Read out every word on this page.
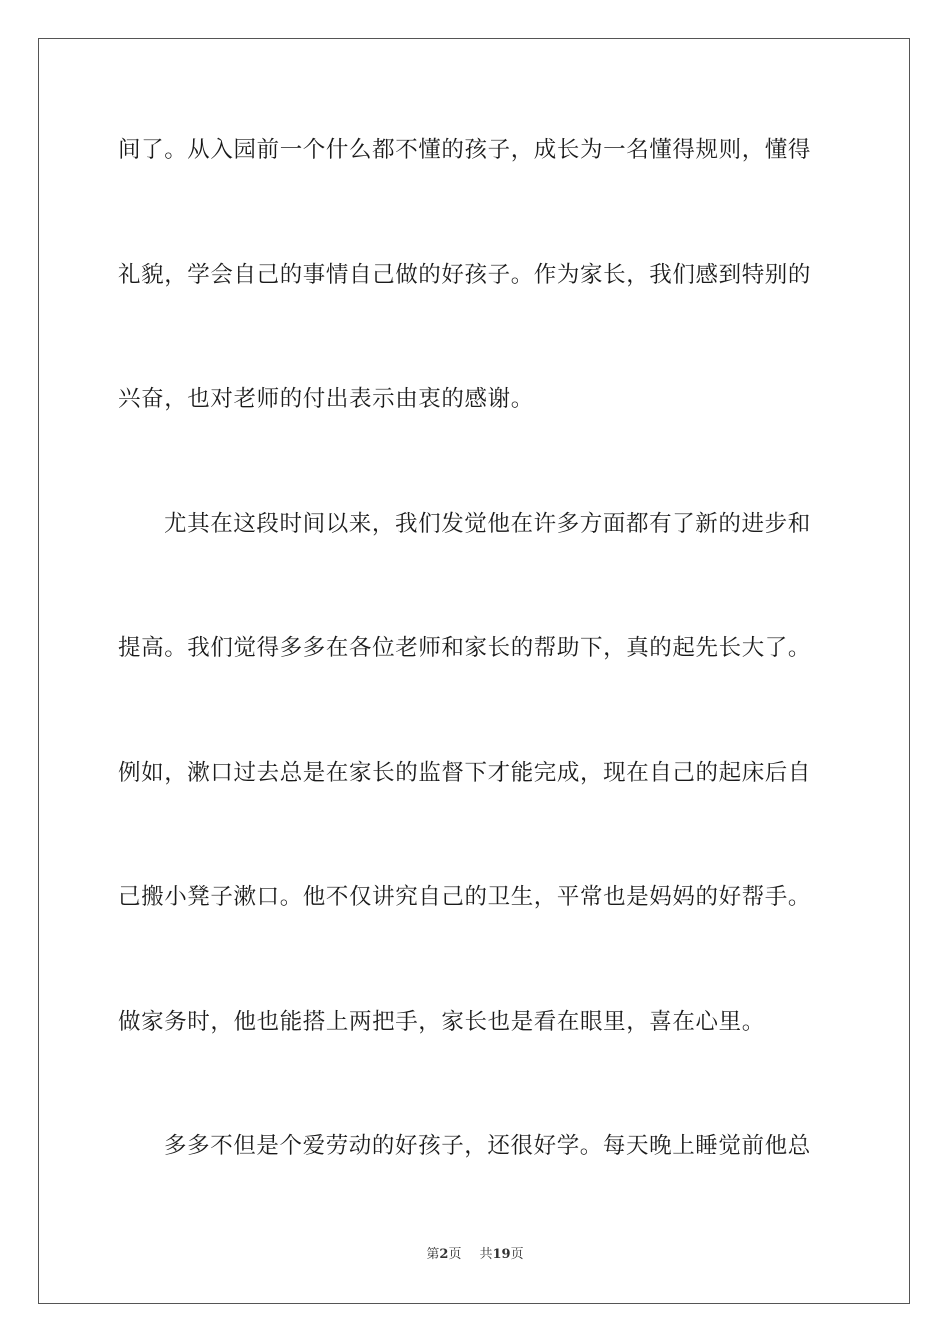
间了。从入园前一个什么都不懂的孩子，成长为一名懂得规则，懂得
礼貌，学会自己的事情自己做的好孩子。作为家长，我们感到特别的
兴奋，也对老师的付出表示由衷的感谢。
尤其在这段时间以来，我们发觉他在许多方面都有了新的进步和
提高。我们觉得多多在各位老师和家长的帮助下，真的起先长大了。
例如，漱口过去总是在家长的监督下才能完成，现在自己的起床后自
己搬小凳子漱口。他不仅讲究自己的卫生，平常也是妈妈的好帮手。
做家务时，他也能搭上两把手，家长也是看在眼里，喜在心里。
多多不但是个爱劳动的好孩子，还很好学。每天晚上睡觉前他总
第2页 共19页
